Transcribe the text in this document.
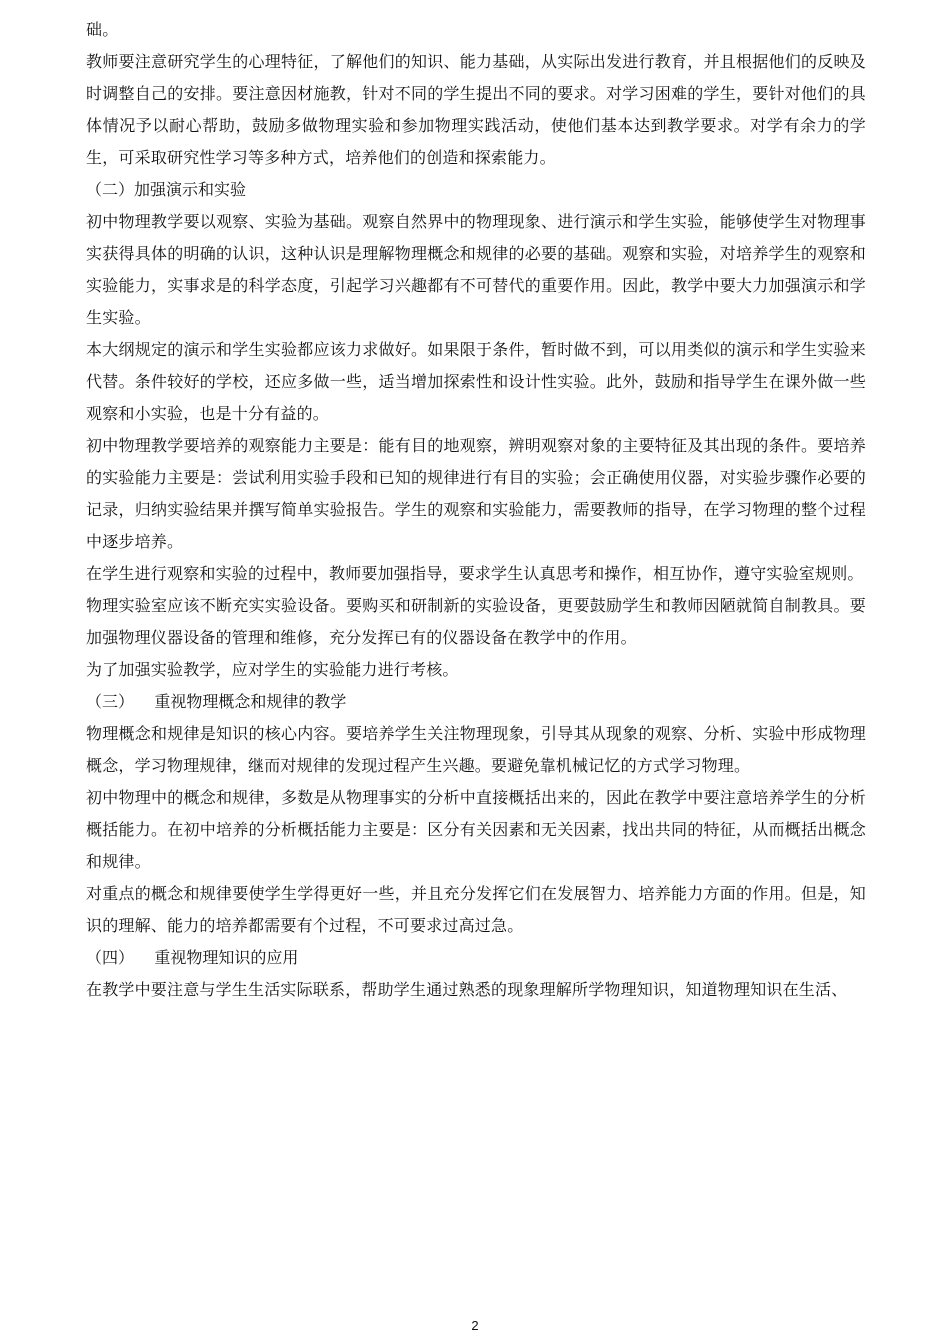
础。

教师要注意研究学生的心理特征，了解他们的知识、能力基础，从实际出发进行教育，并且根据他们的反映及时调整自己的安排。要注意因材施教，针对不同的学生提出不同的要求。对学习困难的学生，要针对他们的具体情况予以耐心帮助，鼓励多做物理实验和参加物理实践活动，使他们基本达到教学要求。对学有余力的学生，可采取研究性学习等多种方式，培养他们的创造和探索能力。

（二）加强演示和实验

初中物理教学要以观察、实验为基础。观察自然界中的物理现象、进行演示和学生实验，能够使学生对物理事实获得具体的明确的认识，这种认识是理解物理概念和规律的必要的基础。观察和实验，对培养学生的观察和实验能力，实事求是的科学态度，引起学习兴趣都有不可替代的重要作用。因此，教学中要大力加强演示和学生实验。

本大纲规定的演示和学生实验都应该力求做好。如果限于条件，暂时做不到，可以用类似的演示和学生实验来代替。条件较好的学校，还应多做一些，适当增加探索性和设计性实验。此外，鼓励和指导学生在课外做一些观察和小实验，也是十分有益的。

初中物理教学要培养的观察能力主要是：能有目的地观察，辨明观察对象的主要特征及其出现的条件。要培养的实验能力主要是：尝试利用实验手段和已知的规律进行有目的实验；会正确使用仪器，对实验步骤作必要的记录，归纳实验结果并撰写简单实验报告。学生的观察和实验能力，需要教师的指导，在学习物理的整个过程中逐步培养。

在学生进行观察和实验的过程中，教师要加强指导，要求学生认真思考和操作，相互协作，遵守实验室规则。

物理实验室应该不断充实实验设备。要购买和研制新的实验设备，更要鼓励学生和教师因陋就简自制教具。要加强物理仪器设备的管理和维修，充分发挥已有的仪器设备在教学中的作用。

为了加强实验教学，应对学生的实验能力进行考核。

（三）    重视物理概念和规律的教学

物理概念和规律是知识的核心内容。要培养学生关注物理现象，引导其从现象的观察、分析、实验中形成物理概念，学习物理规律，继而对规律的发现过程产生兴趣。要避免靠机械记忆的方式学习物理。

初中物理中的概念和规律，多数是从物理事实的分析中直接概括出来的，因此在教学中要注意培养学生的分析概括能力。在初中培养的分析概括能力主要是：区分有关因素和无关因素，找出共同的特征，从而概括出概念和规律。

对重点的概念和规律要使学生学得更好一些，并且充分发挥它们在发展智力、培养能力方面的作用。但是，知识的理解、能力的培养都需要有个过程，不可要求过高过急。

（四）    重视物理知识的应用

在教学中要注意与学生生活实际联系，帮助学生通过熟悉的现象理解所学物理知识，知道物理知识在生活、

2
